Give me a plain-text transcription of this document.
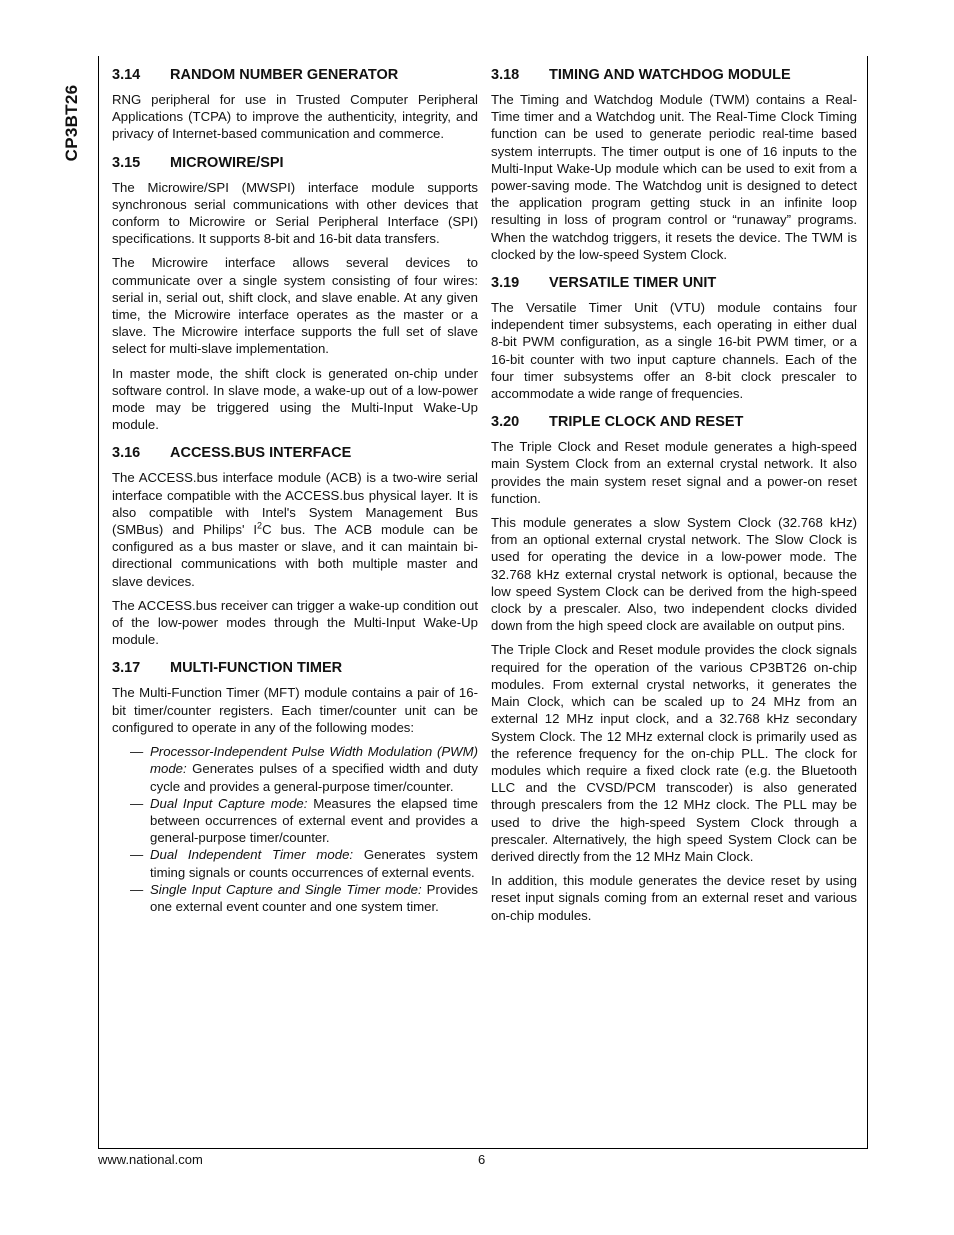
CP3BT26
3.14 RANDOM NUMBER GENERATOR

RNG peripheral for use in Trusted Computer Peripheral Applications (TCPA) to improve the authenticity, integrity, and privacy of Internet-based communication and commerce.

3.15 MICROWIRE/SPI

The Microwire/SPI (MWSPI) interface module supports synchronous serial communications with other devices that conform to Microwire or Serial Peripheral Interface (SPI) specifications. It supports 8-bit and 16-bit data transfers.

The Microwire interface allows several devices to communicate over a single system consisting of four wires: serial in, serial out, shift clock, and slave enable. At any given time, the Microwire interface operates as the master or a slave. The Microwire interface supports the full set of slave select for multi-slave implementation.

In master mode, the shift clock is generated on-chip under software control. In slave mode, a wake-up out of a low-power mode may be triggered using the Multi-Input Wake-Up module.

3.16 ACCESS.BUS INTERFACE

The ACCESS.bus interface module (ACB) is a two-wire serial interface compatible with the ACCESS.bus physical layer. It is also compatible with Intel's System Management Bus (SMBus) and Philips' $I^2C$ bus. The ACB module can be configured as a bus master or slave, and it can maintain bi-directional communications with both multiple master and slave devices.

The ACCESS.bus receiver can trigger a wake-up condition out of the low-power modes through the Multi-Input Wake-Up module.

3.17 MULTI-FUNCTION TIMER

The Multi-Function Timer (MFT) module contains a pair of 16-bit timer/counter registers. Each timer/counter unit can be configured to operate in any of the following modes:

— Processor-Independent Pulse Width Modulation (PWM) mode: Generates pulses of a specified width and duty cycle and provides a general-purpose timer/counter.
— Dual Input Capture mode: Measures the elapsed time between occurrences of external event and provides a general-purpose timer/counter.
— Dual Independent Timer mode: Generates system timing signals or counts occurrences of external events.
— Single Input Capture and Single Timer mode: Provides one external event counter and one system timer.
3.18 TIMING AND WATCHDOG MODULE

The Timing and Watchdog Module (TWM) contains a Real-Time timer and a Watchdog unit. The Real-Time Clock Timing function can be used to generate periodic real-time based system interrupts. The timer output is one of 16 inputs to the Multi-Input Wake-Up module which can be used to exit from a power-saving mode. The Watchdog unit is designed to detect the application program getting stuck in an infinite loop resulting in loss of program control or “runaway” programs. When the watchdog triggers, it resets the device. The TWM is clocked by the low-speed System Clock.

3.19 VERSATILE TIMER UNIT

The Versatile Timer Unit (VTU) module contains four independent timer subsystems, each operating in either dual 8-bit PWM configuration, as a single 16-bit PWM timer, or a 16-bit counter with two input capture channels. Each of the four timer subsystems offer an 8-bit clock prescaler to accommodate a wide range of frequencies.

3.20 TRIPLE CLOCK AND RESET

The Triple Clock and Reset module generates a high-speed main System Clock from an external crystal network. It also provides the main system reset signal and a power-on reset function.

This module generates a slow System Clock (32.768 kHz) from an optional external crystal network. The Slow Clock is used for operating the device in a low-power mode. The 32.768 kHz external crystal network is optional, because the low speed System Clock can be derived from the high-speed clock by a prescaler. Also, two independent clocks divided down from the high speed clock are available on output pins.

The Triple Clock and Reset module provides the clock signals required for the operation of the various CP3BT26 on-chip modules. From external crystal networks, it generates the Main Clock, which can be scaled up to 24 MHz from an external 12 MHz input clock, and a 32.768 kHz secondary System Clock. The 12 MHz external clock is primarily used as the reference frequency for the on-chip PLL. The clock for modules which require a fixed clock rate (e.g. the Bluetooth LLC and the CVSD/PCM transcoder) is also generated through prescalers from the 12 MHz clock. The PLL may be used to drive the high-speed System Clock through a prescaler. Alternatively, the high speed System Clock can be derived directly from the 12 MHz Main Clock.

In addition, this module generates the device reset by using reset input signals coming from an external reset and various on-chip modules.

www.national.com	6
